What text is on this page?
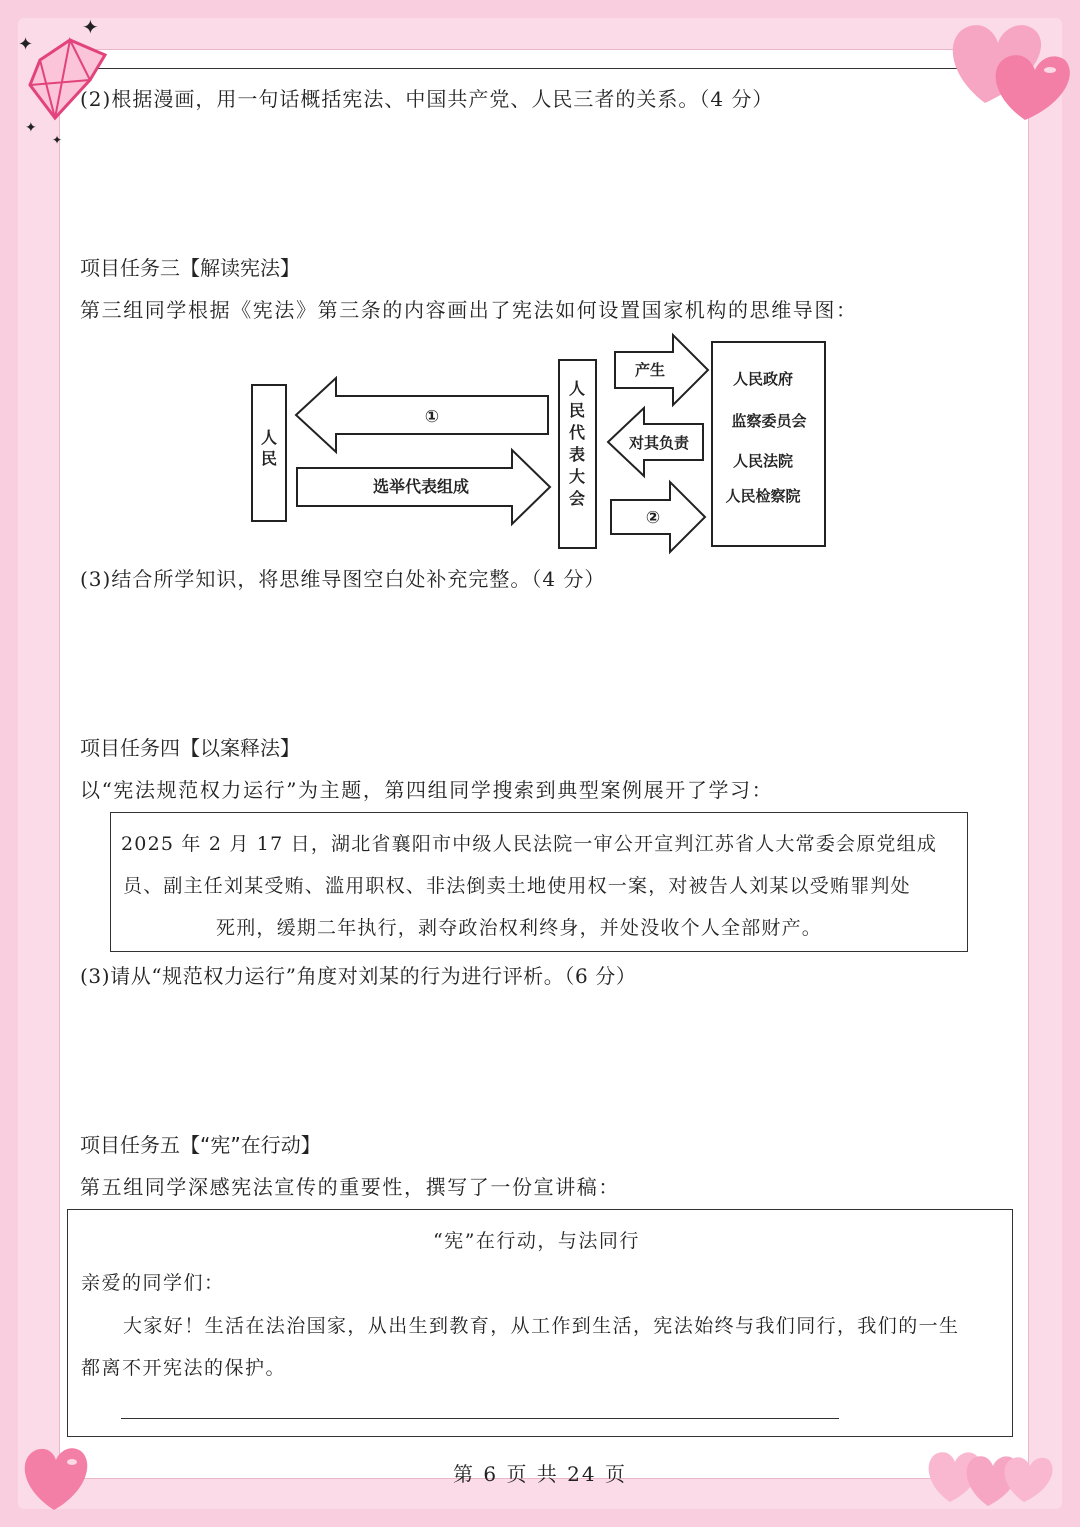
✦
✦
✦
✦
(2)根据漫画，用一句话概括宪法、中国共产党、人民三者的关系。（4 分）
项目任务三【解读宪法】
第三组同学根据《宪法》第三条的内容画出了宪法如何设置国家机构的思维导图：
人
民
①
选举代表组成
人
民
代
表
大
会
产生
对其负责
②
人民政府
监察委员会
人民法院
人民检察院
(3)结合所学知识，将思维导图空白处补充完整。（4 分）
项目任务四【以案释法】
以“宪法规范权力运行”为主题，第四组同学搜索到典型案例展开了学习：
2025 年 2 月 17 日，湖北省襄阳市中级人民法院一审公开宣判江苏省人大常委会原党组成
员、副主任刘某受贿、滥用职权、非法倒卖土地使用权一案，对被告人刘某以受贿罪判处
死刑，缓期二年执行，剥夺政治权利终身，并处没收个人全部财产。
(3)请从“规范权力运行”角度对刘某的行为进行评析。（6 分）
项目任务五【“宪”在行动】
第五组同学深感宪法宣传的重要性，撰写了一份宣讲稿：
“宪”在行动，与法同行
亲爱的同学们：
大家好！生活在法治国家，从出生到教育，从工作到生活，宪法始终与我们同行，我们的一生
都离不开宪法的保护。
第 6 页 共 24 页
